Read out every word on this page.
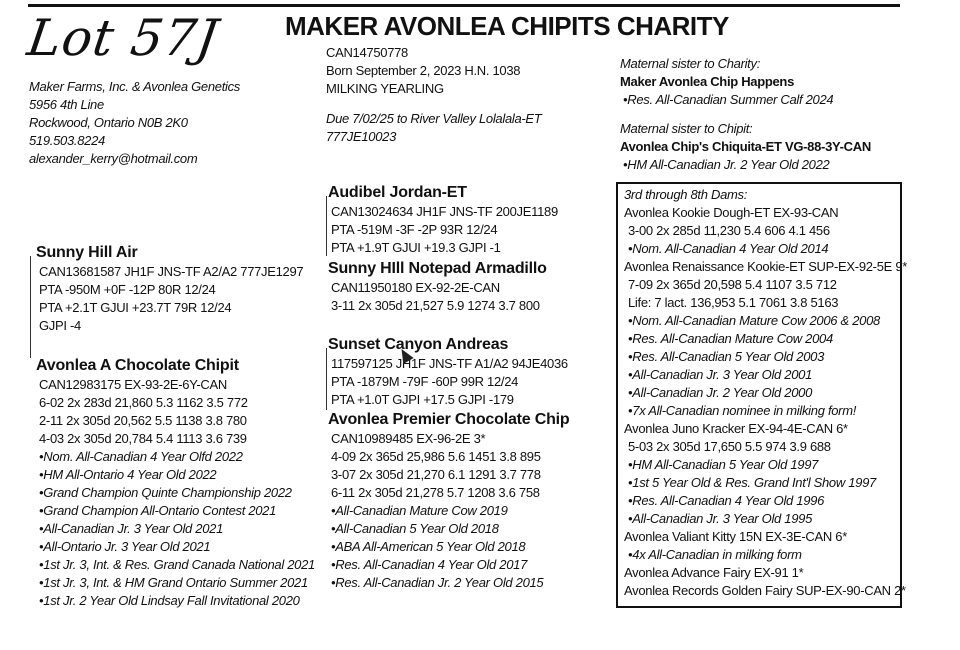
Lot 57J MAKER AVONLEA CHIPITS CHARITY
Maker Farms, Inc. & Avonlea Genetics
5956 4th Line
Rockwood, Ontario N0B 2K0
519.503.8224
alexander_kerry@hotmail.com
CAN14750778
Born September 2, 2023 H.N. 1038
MILKING YEARLING
Due 7/02/25 to River Valley Lolalala-ET
777JE10023
Sunny Hill Air
CAN13681587 JH1F JNS-TF A2/A2 777JE1297
PTA -950M +0F -12P 80R 12/24
PTA +2.1T GJUI +23.7T 79R 12/24
GJPI -4
Avonlea A Chocolate Chipit
CAN12983175 EX-93-2E-6Y-CAN
6-02 2x 283d 21,860 5.3 1162 3.5 772
2-11 2x 305d 20,562 5.5 1138 3.8 780
4-03 2x 305d 20,784 5.4 1113 3.6 739
• Nom. All-Canadian 4 Year Olfd 2022
• HM All-Ontario 4 Year Old 2022
• Grand Champion Quinte Championship 2022
• Grand Champion All-Ontario Contest 2021
• All-Canadian Jr. 3 Year Old 2021
• All-Ontario Jr. 3 Year Old 2021
• 1st Jr. 3, Int. & Res. Grand Canada National 2021
• 1st Jr. 3, Int. & HM Grand Ontario Summer 2021
• 1st Jr. 2 Year Old Lindsay Fall Invitational 2020
Audibel Jordan-ET
CAN13024634 JH1F JNS-TF 200JE1189
PTA -519M -3F -2P 93R 12/24
PTA +1.9T GJUI +19.3 GJPI -1
Sunny HIll Notepad Armadillo
CAN11950180 EX-92-2E-CAN
3-11 2x 305d 21,527 5.9 1274 3.7 800
Sunset Canyon Andreas
117597125 JH1F JNS-TF A1/A2 94JE4036
PTA -1879M -79F -60P 99R 12/24
PTA +1.0T GJPI +17.5 GJPI -179
Avonlea Premier Chocolate Chip
CAN10989485 EX-96-2E 3*
4-09 2x 365d 25,986 5.6 1451 3.8 895
3-07 2x 305d 21,270 6.1 1291 3.7 778
6-11 2x 305d 21,278 5.7 1208 3.6 758
• All-Canadian Mature Cow 2019
• All-Canadian 5 Year Old 2018
• ABA All-American 5 Year Old 2018
• Res. All-Canadian 4 Year Old 2017
• Res. All-Canadian Jr. 2 Year Old 2015
Maternal sister to Charity:
Maker Avonlea Chip Happens
• Res. All-Canadian Summer Calf 2024
Maternal sister to Chipit:
Avonlea Chip's Chiquita-ET VG-88-3Y-CAN
• HM All-Canadian Jr. 2 Year Old 2022
3rd through 8th Dams:
Avonlea Kookie Dough-ET EX-93-CAN
3-00 2x 285d 11,230 5.4 606 4.1 456
• Nom. All-Canadian 4 Year Old 2014
Avonlea Renaissance Kookie-ET SUP-EX-92-5E 9*
7-09 2x 365d 20,598 5.4 1107 3.5 712
Life: 7 lact. 136,953 5.1 7061 3.8 5163
• Nom. All-Canadian Mature Cow 2006 & 2008
• Res. All-Canadian Mature Cow 2004
• Res. All-Canadian 5 Year Old 2003
• All-Canadian Jr. 3 Year Old 2001
• All-Canadian Jr. 2 Year Old 2000
• 7x All-Canadian nominee in milking form!
Avonlea Juno Kracker EX-94-4E-CAN 6*
5-03 2x 305d 17,650 5.5 974 3.9 688
• HM All-Canadian 5 Year Old 1997
• 1st 5 Year Old & Res. Grand Int'l Show 1997
• Res. All-Canadian 4 Year Old 1996
• All-Canadian Jr. 3 Year Old 1995
Avonlea Valiant Kitty 15N EX-3E-CAN 6*
• 4x All-Canadian in milking form
Avonlea Advance Fairy EX-91 1*
Avonlea Records Golden Fairy SUP-EX-90-CAN 2*
